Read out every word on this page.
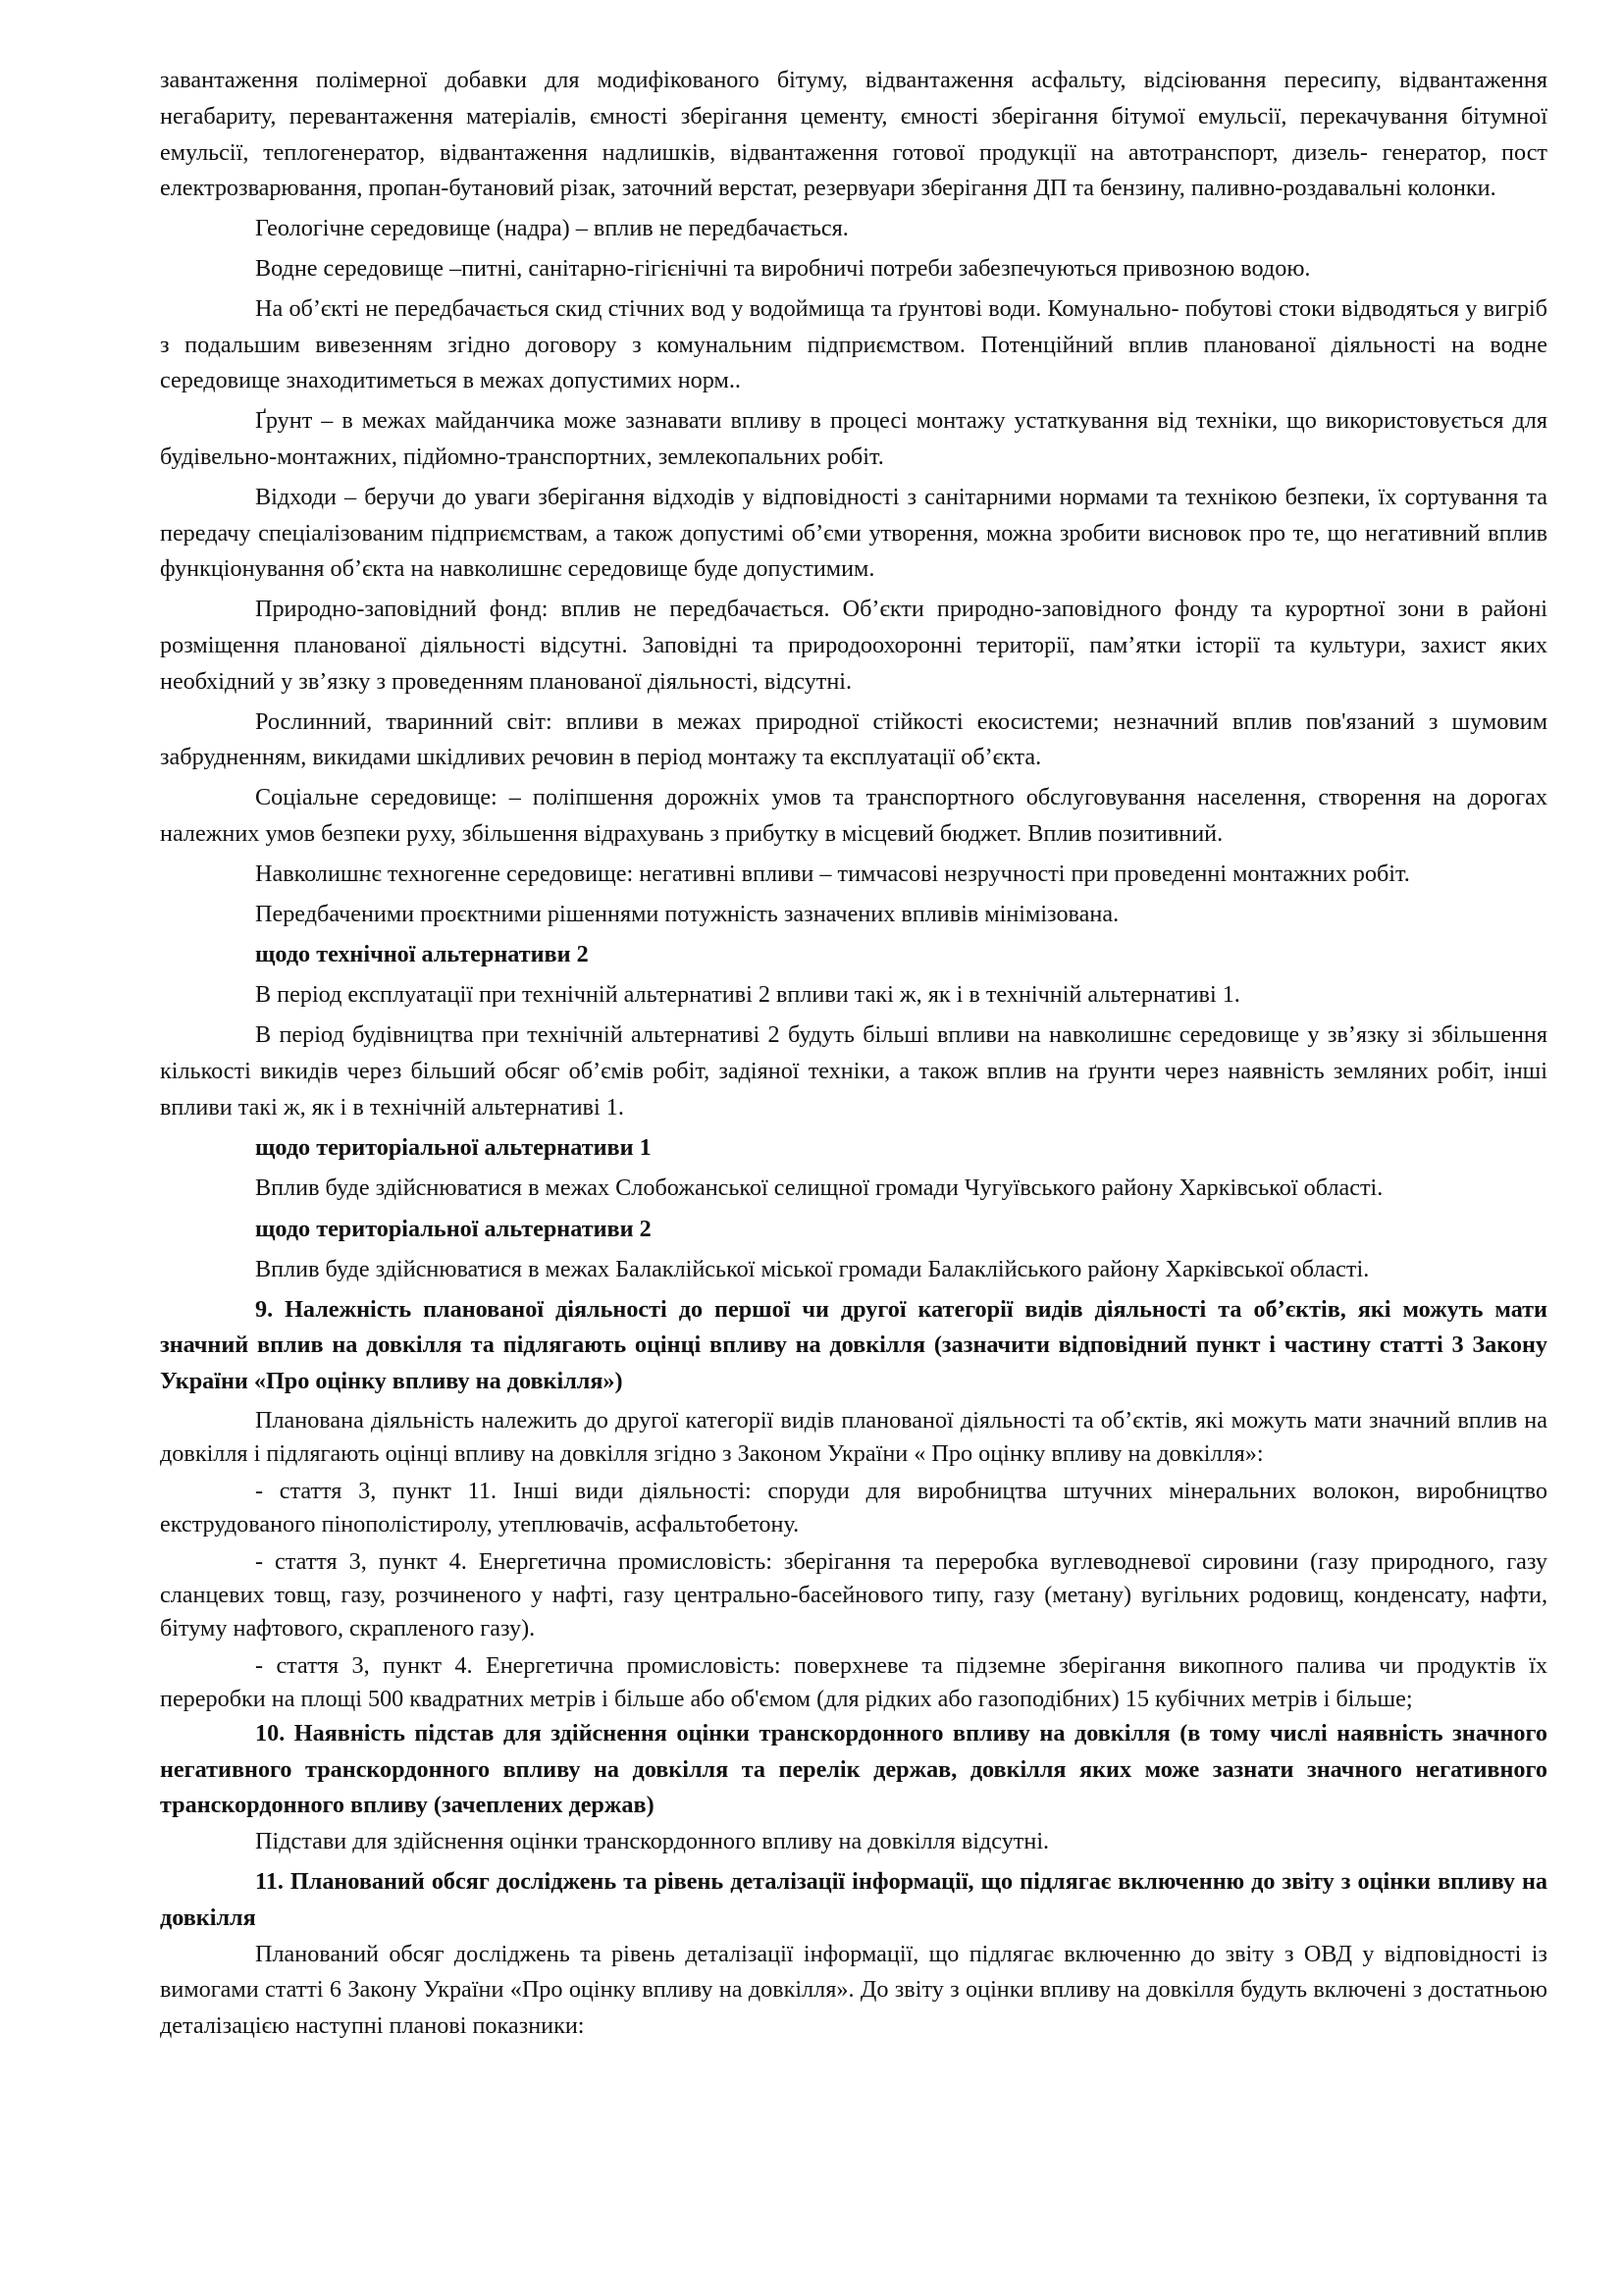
завантаження полімерної добавки для модифікованого бітуму, відвантаження асфальту, відсіювання пересипу, відвантаження негабариту, перевантаження матеріалів, ємності зберігання цементу, ємності зберігання бітумої емульсії, перекачування бітумної емульсії, теплогенератор, відвантаження надлишків, відвантаження готової продукції на автотранспорт, дизель- генератор, пост електрозварювання, пропан-бутановий різак, заточний верстат, резервуари зберігання ДП та бензину, паливно-роздавальні колонки.

Геологічне середовище (надра) – вплив не передбачається.

Водне середовище –питні, санітарно-гігієнічні та виробничі потреби забезпечуються привозною водою.

На об’єкті не передбачається скид стічних вод у водоймища та ґрунтові води. Комунально- побутові стоки відводяться у вигріб з подальшим вивезенням згідно договору з комунальним підприємством. Потенційний вплив планованої діяльності на водне середовище знаходитиметься в межах допустимих норм..

Ґрунт – в межах майданчика може зазнавати впливу в процесі монтажу устаткування від техніки, що використовується для будівельно-монтажних, підйомно-транспортних, землекопальних робіт.

Відходи – беручи до уваги зберігання відходів у відповідності з санітарними нормами та технікою безпеки, їх сортування та передачу спеціалізованим підприємствам, а також допустимі об’єми утворення, можна зробити висновок про те, що негативний вплив функціонування об’єкта на навколишнє середовище буде допустимим.

Природно-заповідний фонд: вплив не передбачається. Об’єкти природно-заповідного фонду та курортної зони в районі розміщення планованої діяльності відсутні. Заповідні та природоохоронні території, пам’ятки історії та культури, захист яких необхідний у зв’язку з проведенням планованої діяльності, відсутні.

Рослинний, тваринний світ: впливи в межах природної стійкості екосистеми; незначний вплив пов'язаний з шумовим забрудненням, викидами шкідливих речовин в період монтажу та експлуатації об’єкта.

Соціальне середовище: – поліпшення дорожніх умов та транспортного обслуговування населення, створення на дорогах належних умов безпеки руху, збільшення відрахувань з прибутку в місцевий бюджет. Вплив позитивний.

Навколишнє техногенне середовище: негативні впливи – тимчасові незручності при проведенні монтажних робіт.

Передбаченими проєктними рішеннями потужність зазначених впливів мінімізована.

щодо технічної альтернативи 2

В період експлуатації при технічній альтернативі 2 впливи такі ж, як і в технічній альтернативі 1.

В період будівництва при технічній альтернативі 2 будуть більші впливи на навколишнє середовище у зв’язку зі збільшення кількості викидів через більший обсяг об’ємів робіт, задіяної техніки, а також вплив на ґрунти через наявність земляних робіт, інші впливи такі ж, як і в технічній альтернативі 1.

щодо територіальної альтернативи 1

Вплив буде здійснюватися в межах Слобожанської селищної громади Чугуївського району Харківської області.

щодо територіальної альтернативи 2

Вплив буде здійснюватися в межах Балаклійської міської громади Балаклійського району Харківської області.

9. Належність планованої діяльності до першої чи другої категорії видів діяльності та об’єктів, які можуть мати значний вплив на довкілля та підлягають оцінці впливу на довкілля (зазначити відповідний пункт і частину статті 3 Закону України «Про оцінку впливу на довкілля»)

Планована діяльність належить до другої категорії видів планованої діяльності та об’єктів, які можуть мати значний вплив на довкілля і підлягають оцінці впливу на довкілля згідно з Законом України « Про оцінку впливу на довкілля»:

- стаття 3, пункт 11. Інші види діяльності: споруди для виробництва штучних мінеральних волокон, виробництво екструдованого пінополістиролу, утеплювачів, асфальтобетону.

- стаття 3, пункт 4. Енергетична промисловість: зберігання та переробка вуглеводневої сировини (газу природного, газу сланцевих товщ, газу, розчиненого у нафті, газу центрально-басейнового типу, газу (метану) вугільних родовищ, конденсату, нафти, бітуму нафтового, скрапленого газу).

- стаття 3, пункт 4. Енергетична промисловість: поверхневе та підземне зберігання викопного палива чи продуктів їх переробки на площі 500 квадратних метрів і більше або об'ємом (для рідких або газоподібних) 15 кубічних метрів і більше;

10. Наявність підстав для здійснення оцінки транскордонного впливу на довкілля (в тому числі наявність значного негативного транскордонного впливу на довкілля та перелік держав, довкілля яких може зазнати значного негативного транскордонного впливу (зачеплених держав)

Підстави для здійснення оцінки транскордонного впливу на довкілля відсутні.

11. Планований обсяг досліджень та рівень деталізації інформації, що підлягає включенню до звіту з оцінки впливу на довкілля

Планований обсяг досліджень та рівень деталізації інформації, що підлягає включенню до звіту з ОВД у відповідності із вимогами статті 6 Закону України «Про оцінку впливу на довкілля». До звіту з оцінки впливу на довкілля будуть включені з достатньою деталізацією наступні планові показники:
